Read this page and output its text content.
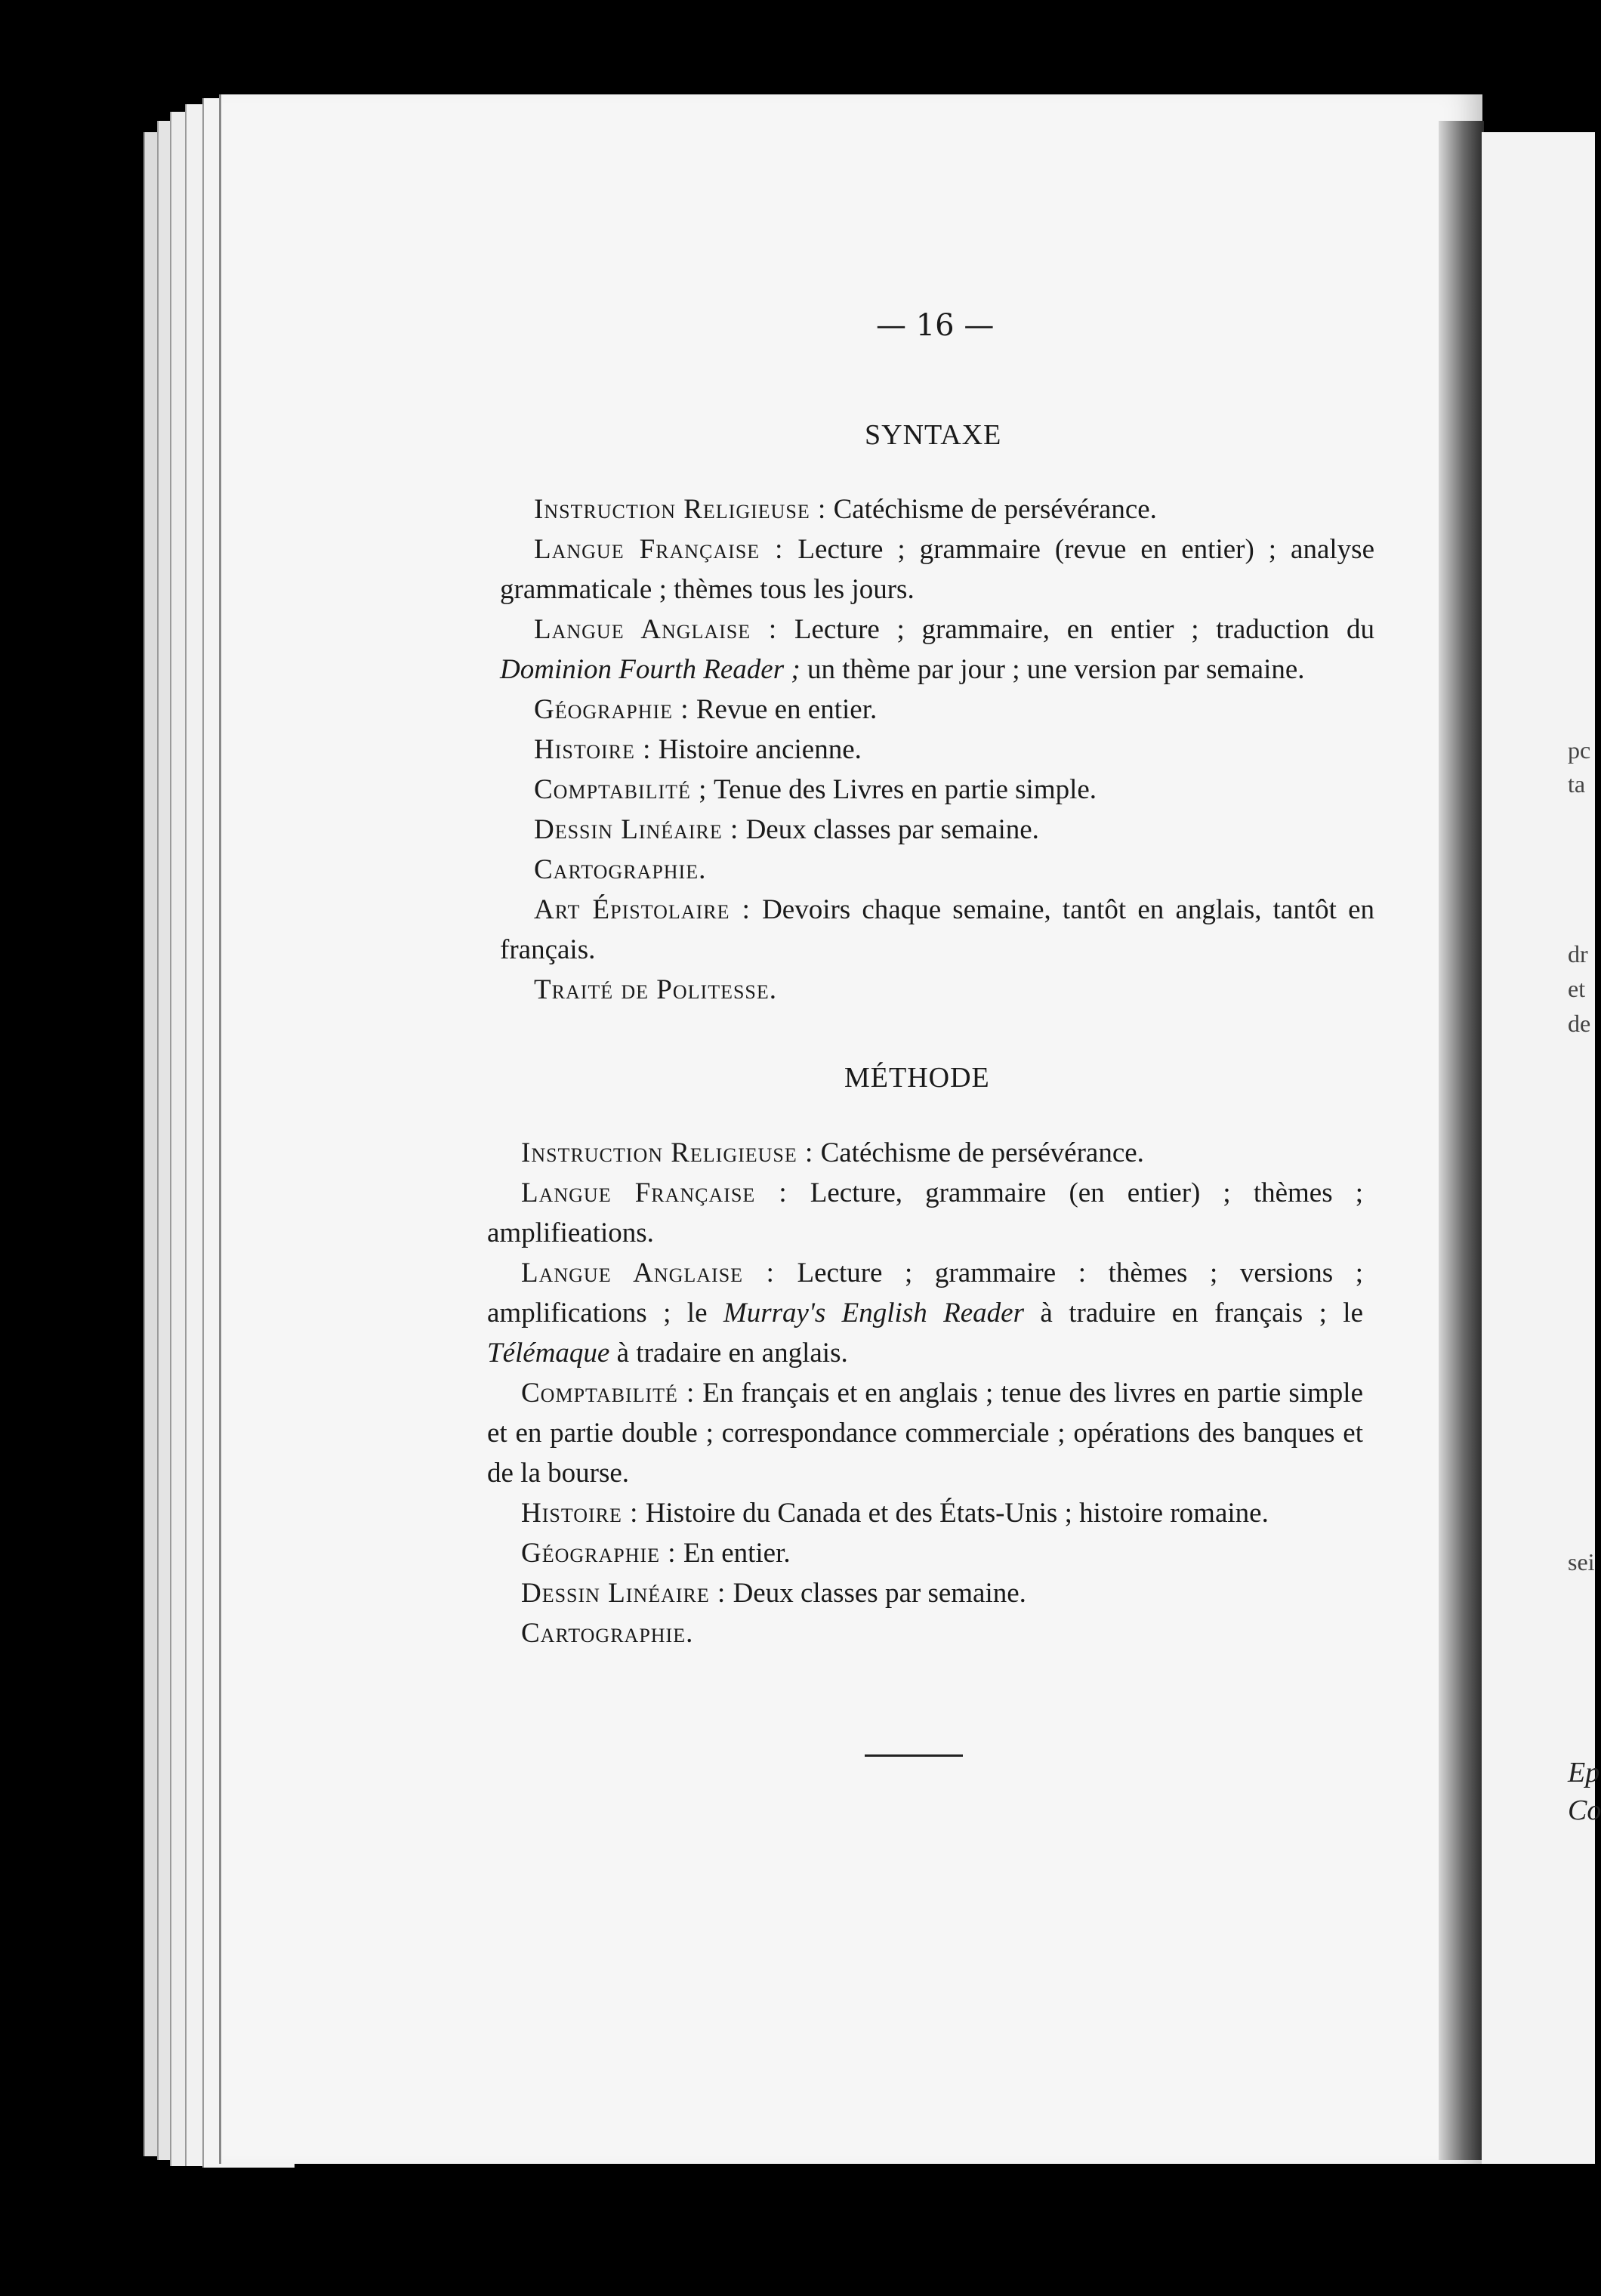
pc
ta
dr
et
de
sei
Ep
Co
— 16 —
SYNTAXE

Instruction Religieuse : Catéchisme de persévérance.

Langue Française : Lecture ; grammaire (revue en entier) ; analyse grammaticale ; thèmes tous les jours.

Langue Anglaise : Lecture ; grammaire, en entier ; traduction du Dominion Fourth Reader ; un thème par jour ; une version par semaine.

Géographie : Revue en entier.

Histoire : Histoire ancienne.

Comptabilité ; Tenue des Livres en partie simple.

Dessin Linéaire : Deux classes par semaine.

Cartographie.

Art Épistolaire : Devoirs chaque semaine, tantôt en anglais, tantôt en français.

Traité de Politesse.

MÉTHODE

Instruction Religieuse : Catéchisme de persévérance.

Langue Française : Lecture, grammaire (en entier) ; thèmes ; amplifieations.

Langue Anglaise : Lecture ; grammaire : thèmes ; versions ; amplifications ; le Murray's English Reader à traduire en français ; le Télémaque à tradaire en anglais.

Comptabilité : En français et en anglais ; tenue des livres en partie simple et en partie double ; correspondance commerciale ; opérations des banques et de la bourse.

Histoire : Histoire du Canada et des États-Unis ; histoire romaine.

Géographie : En entier.

Dessin Linéaire : Deux classes par semaine.

Cartographie.
